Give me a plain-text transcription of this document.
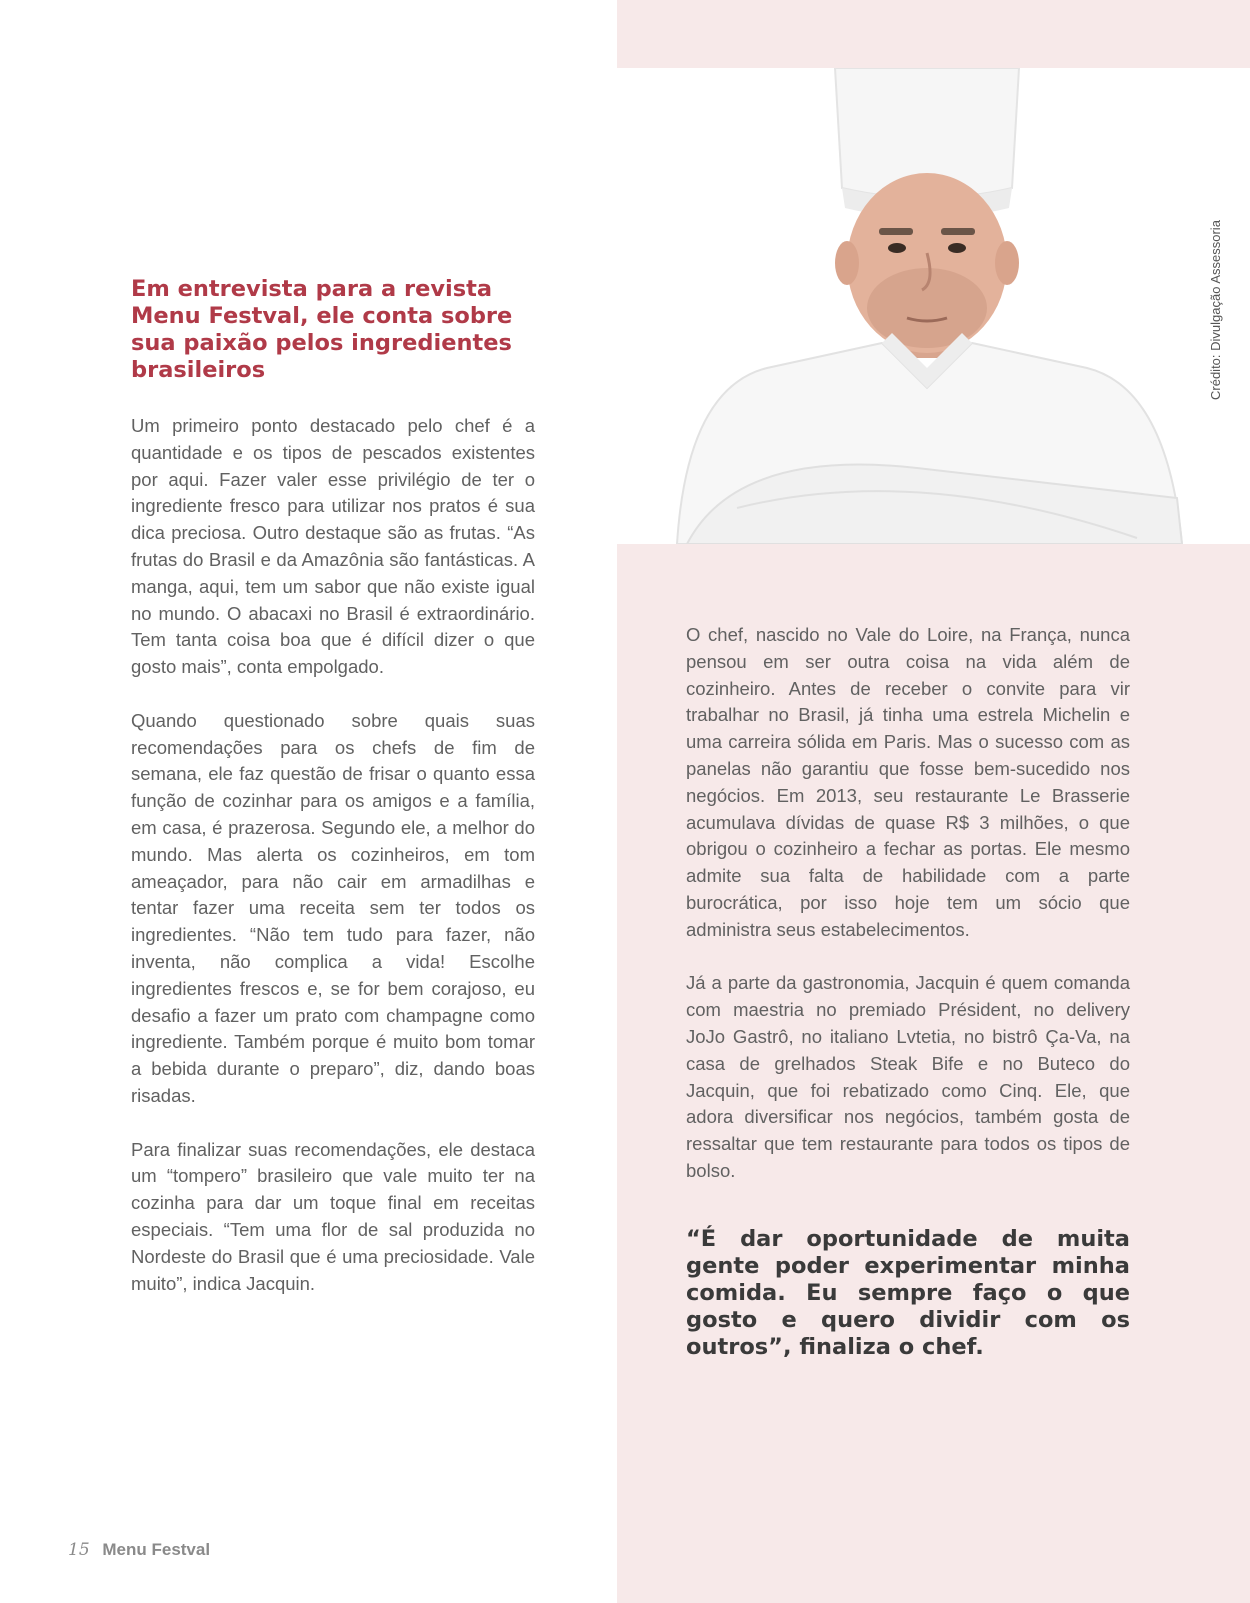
Crédito: Divulgação Assessoria
Em entrevista para a revista Menu Festval, ele conta sobre sua paixão pelos ingredientes brasileiros

Um primeiro ponto destacado pelo chef é a quantidade e os tipos de pescados existentes por aqui. Fazer valer esse privilégio de ter o ingrediente fresco para utilizar nos pratos é sua dica preciosa. Outro destaque são as frutas. “As frutas do Brasil e da Amazônia são fantásticas. A manga, aqui, tem um sabor que não existe igual no mundo. O abacaxi no Brasil é extraordinário. Tem tanta coisa boa que é difícil dizer o que gosto mais”, conta empolgado.

Quando questionado sobre quais suas recomendações para os chefs de fim de semana, ele faz questão de frisar o quanto essa função de cozinhar para os amigos e a família, em casa, é prazerosa. Segundo ele, a melhor do mundo. Mas alerta os cozinheiros, em tom ameaçador, para não cair em armadilhas e tentar fazer uma receita sem ter todos os ingredientes. “Não tem tudo para fazer, não inventa, não complica a vida! Escolhe ingredientes frescos e, se for bem corajoso, eu desafio a fazer um prato com champagne como ingrediente. Também porque é muito bom tomar a bebida durante o preparo”, diz, dando boas risadas.

Para finalizar suas recomendações, ele destaca um “tompero” brasileiro que vale muito ter na cozinha para dar um toque final em receitas especiais. “Tem uma flor de sal produzida no Nordeste do Brasil que é uma preciosidade. Vale muito”, indica Jacquin.

O chef, nascido no Vale do Loire, na França, nunca pensou em ser outra coisa na vida além de cozinheiro. Antes de receber o convite para vir trabalhar no Brasil, já tinha uma estrela Michelin e uma carreira sólida em Paris. Mas o sucesso com as panelas não garantiu que fosse bem-sucedido nos negócios. Em 2013, seu restaurante Le Brasserie acumulava dívidas de quase R$ 3 milhões, o que obrigou o cozinheiro a fechar as portas. Ele mesmo admite sua falta de habilidade com a parte burocrática, por isso hoje tem um sócio que administra seus estabelecimentos.

Já a parte da gastronomia, Jacquin é quem comanda com maestria no premiado Président, no delivery JoJo Gastrô, no italiano Lvtetia, no bistrô Ça-Va, na casa de grelhados Steak Bife e no Buteco do Jacquin, que foi rebatizado como Cinq. Ele, que adora diversificar nos negócios, também gosta de ressaltar que tem restaurante para todos os tipos de bolso.

“É dar oportunidade de muita gente poder experimentar minha comida. Eu sempre faço o que gosto e quero dividir com os outros”, finaliza o chef.
15 Menu Festval
